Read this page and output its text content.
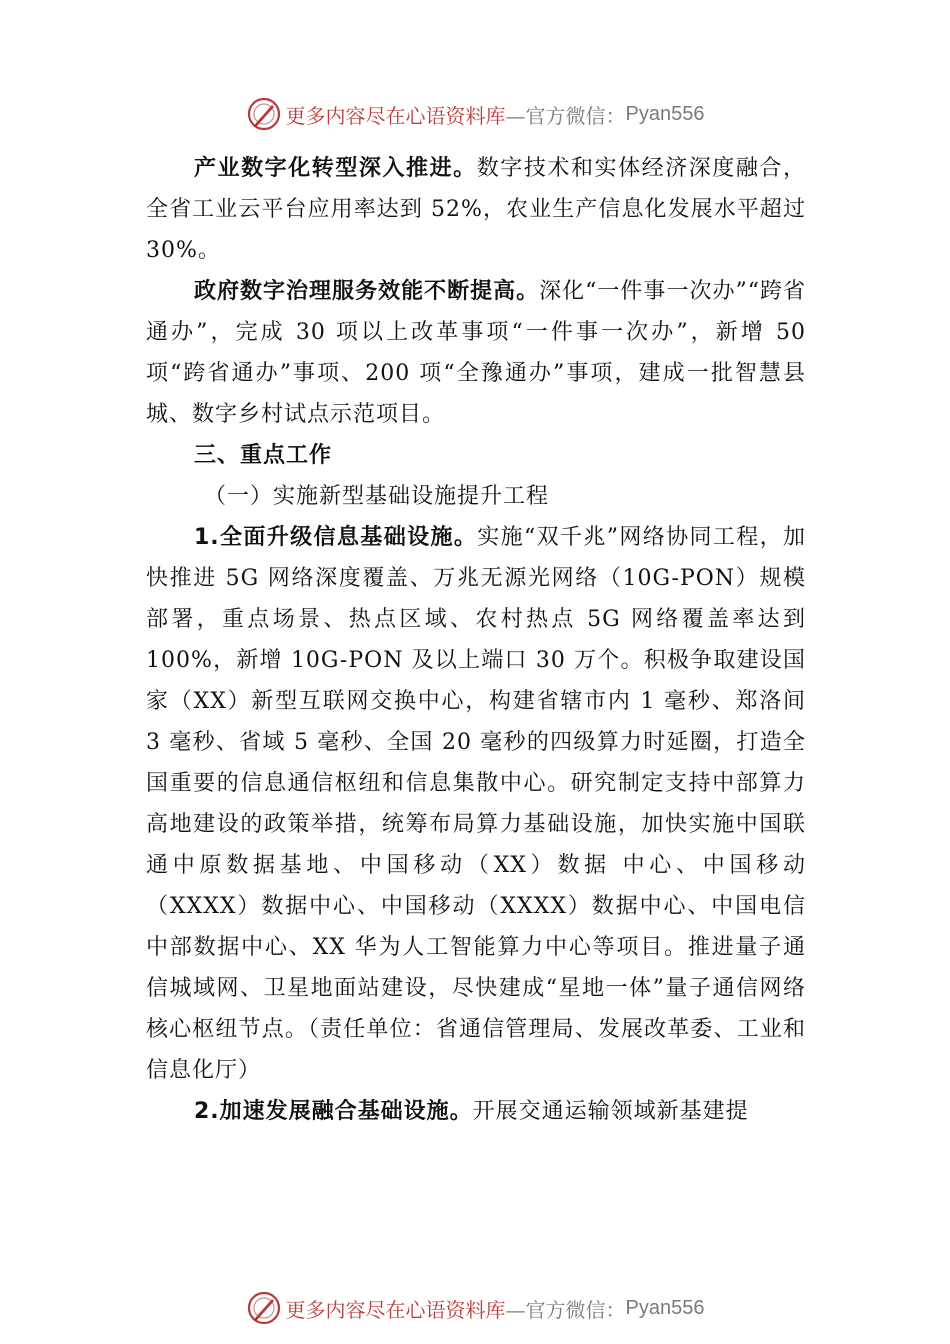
更多内容尽在心语资料库 —官方微信： Pyan556

产业数字化转型深入推进。数字技术和实体经济深度融合，全省工业云平台应用率达到 52%，农业生产信息化发展水平超过 30%。

政府数字治理服务效能不断提高。深化“一件事一次办”“跨省通办”，完成 30 项以上改革事项“一件事一次办”，新增 50 项“跨省通办”事项、200 项“全豫通办”事项，建成一批智慧县城、数字乡村试点示范项目。

三、重点工作

（一）实施新型基础设施提升工程

1.全面升级信息基础设施。实施“双千兆”网络协同工程，加快推进 5G 网络深度覆盖、万兆无源光网络（10G-PON）规模部署，重点场景、热点区域、农村热点 5G 网络覆盖率达到 100%，新增 10G-PON 及以上端口 30 万个。积极争取建设国家（XX）新型互联网交换中心，构建省辖市内 1 毫秒、郑洛间 3 毫秒、省域 5 毫秒、全国 20 毫秒的四级算力时延圈，打造全国重要的信息通信枢纽和信息集散中心。研究制定支持中部算力高地建设的政策举措，统筹布局算力基础设施，加快实施中国联通中原数据基地、中国移动（XX）数据 中心、中国移动（XXXX）数据中心、中国移动（XXXX）数据中心、中国电信中部数据中心、XX 华为人工智能算力中心等项目。推进量子通信城域网、卫星地面站建设，尽快建成“星地一体”量子通信网络核心枢纽节点。（责任单位：省通信管理局、发展改革委、工业和信息化厅）

2.加速发展融合基础设施。开展交通运输领域新基建提

更多内容尽在心语资料库 —官方微信： Pyan556
